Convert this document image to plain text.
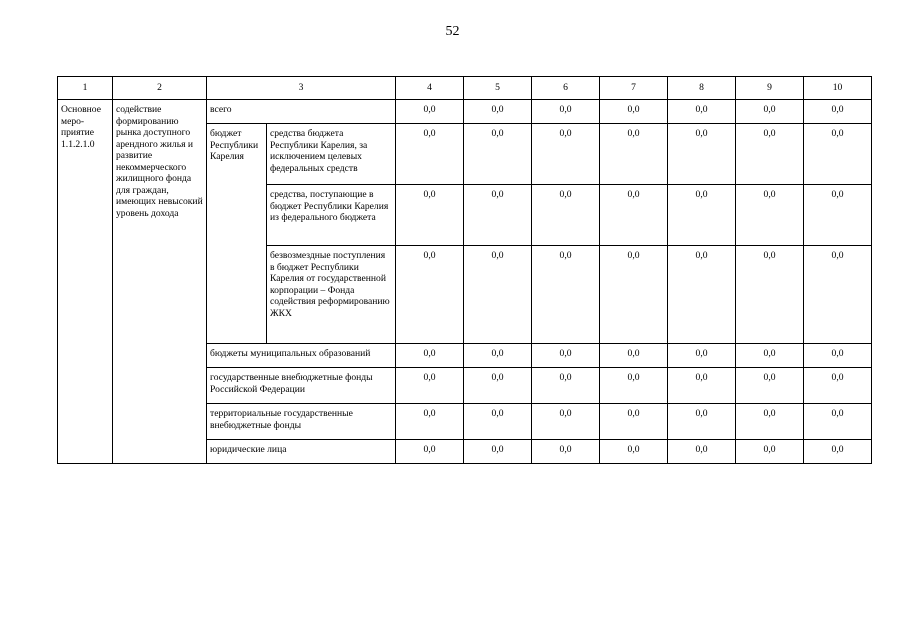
52
1	2	3		4	5	6	7	8	9	10
Основное меро-приятие 1.1.2.1.0	содействие формированию рынка доступного арендного жилья и развитие некоммерческого жилищного фонда для граждан, имеющих невысокий уровень дохода	всего		0,0	0,0	0,0	0,0	0,0	0,0	0,0
		бюджет Республики Карелия	средства бюджета Республики Карелия, за исключением целевых федеральных средств	0,0	0,0	0,0	0,0	0,0	0,0	0,0
			средства, поступающие в бюджет Республики Карелия из федерального бюджета	0,0	0,0	0,0	0,0	0,0	0,0	0,0
			безвозмездные поступления в бюджет Республики Карелия от государственной корпорации – Фонда содействия реформированию ЖКХ	0,0	0,0	0,0	0,0	0,0	0,0	0,0
		бюджеты муниципальных образований		0,0	0,0	0,0	0,0	0,0	0,0	0,0
		государственные внебюджетные фонды Российской Федерации		0,0	0,0	0,0	0,0	0,0	0,0	0,0
		территориальные государственные внебюджетные фонды		0,0	0,0	0,0	0,0	0,0	0,0	0,0
		юридические лица		0,0	0,0	0,0	0,0	0,0	0,0	0,0
